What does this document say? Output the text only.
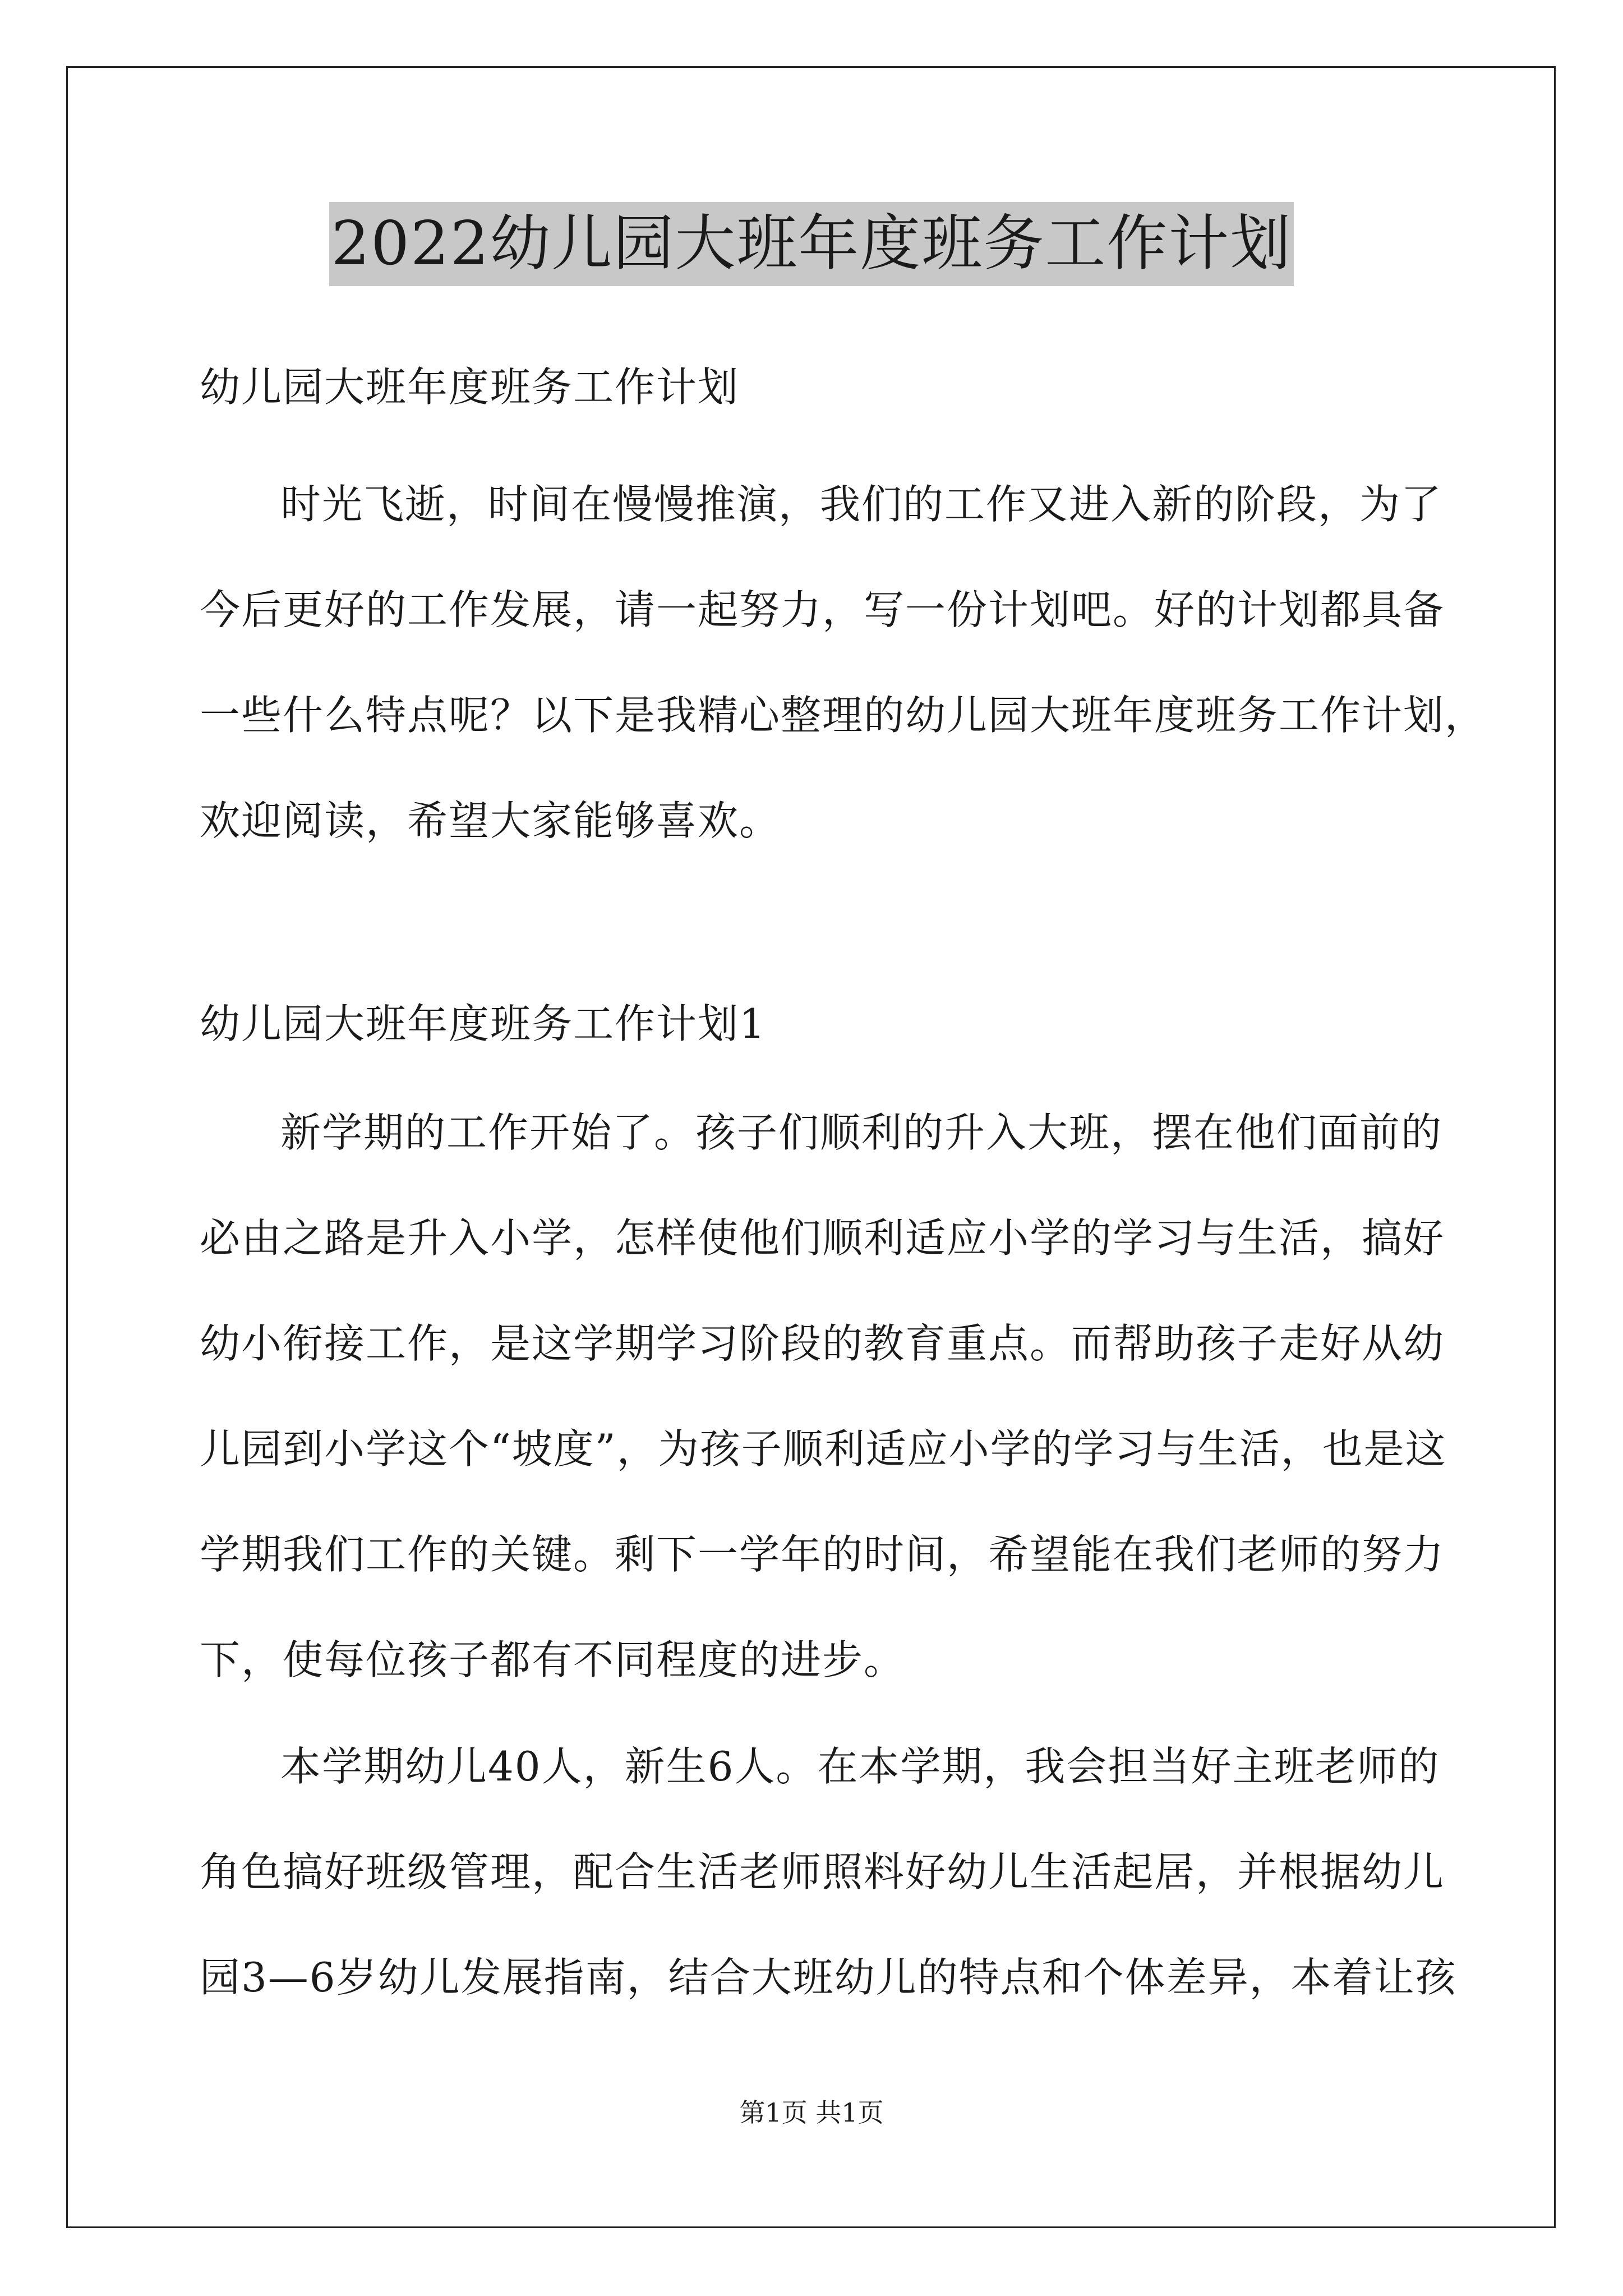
2022幼儿园大班年度班务工作计划
幼儿园大班年度班务工作计划
时光飞逝，时间在慢慢推演，我们的工作又进入新的阶段，为了
今后更好的工作发展，请一起努力，写一份计划吧。好的计划都具备
一些什么特点呢？以下是我精心整理的幼儿园大班年度班务工作计划，
欢迎阅读，希望大家能够喜欢。
幼儿园大班年度班务工作计划1
新学期的工作开始了。孩子们顺利的升入大班，摆在他们面前的
必由之路是升入小学，怎样使他们顺利适应小学的学习与生活，搞好
幼小衔接工作，是这学期学习阶段的教育重点。而帮助孩子走好从幼
儿园到小学这个“坡度”，为孩子顺利适应小学的学习与生活，也是这
学期我们工作的关键。剩下一学年的时间，希望能在我们老师的努力
下，使每位孩子都有不同程度的进步。
本学期幼儿40人，新生6人。在本学期，我会担当好主班老师的
角色搞好班级管理，配合生活老师照料好幼儿生活起居，并根据幼儿
园3—6岁幼儿发展指南，结合大班幼儿的特点和个体差异，本着让孩
第1页 共1页
